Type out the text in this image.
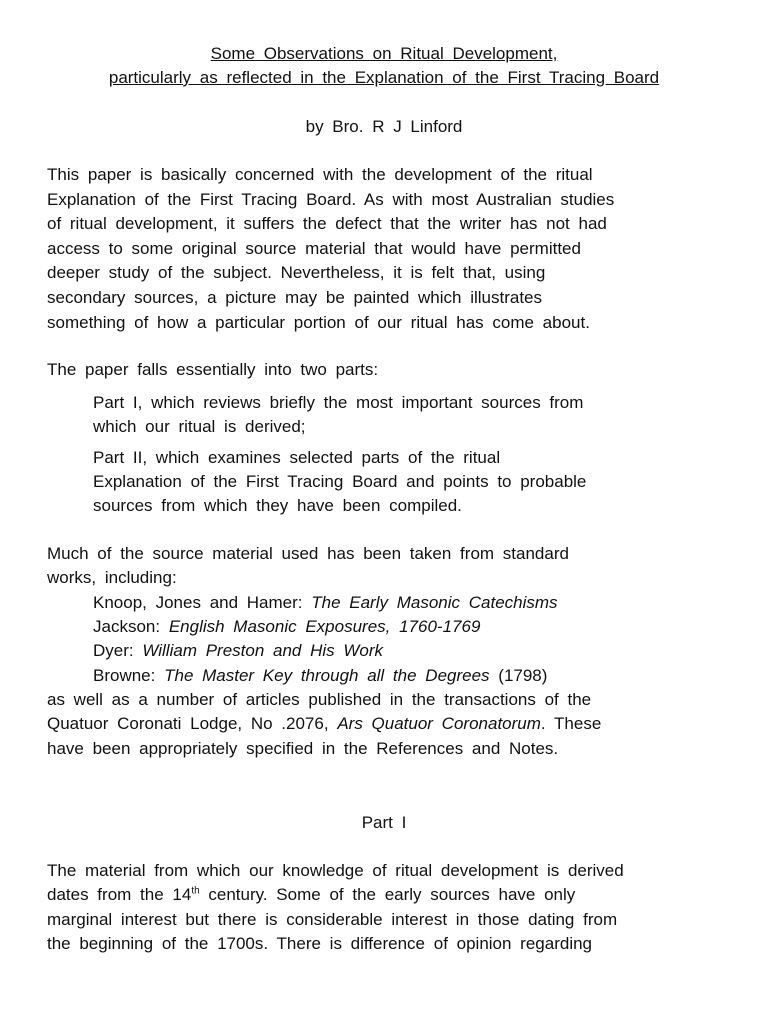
Some Observations on Ritual Development,
particularly as reflected in the Explanation of the First Tracing Board
by Bro. R J Linford
This paper is basically concerned with the development of the ritual
Explanation of the First Tracing Board. As with most Australian studies
of ritual development, it suffers the defect that the writer has not had
access to some original source material that would have permitted
deeper study of the subject. Nevertheless, it is felt that, using
secondary sources, a picture may be painted which illustrates
something of how a particular portion of our ritual has come about.
The paper falls essentially into two parts:
Part I, which reviews briefly the most important sources from
which our ritual is derived;
Part II, which examines selected parts of the ritual
Explanation of the First Tracing Board and points to probable
sources from which they have been compiled.
Much of the source material used has been taken from standard
works, including:
Knoop, Jones and Hamer: The Early Masonic Catechisms
Jackson: English Masonic Exposures, 1760-1769
Dyer: William Preston and His Work
Browne: The Master Key through all the Degrees (1798)
as well as a number of articles published in the transactions of the
Quatuor Coronati Lodge, No .2076, Ars Quatuor Coronatorum. These
have been appropriately specified in the References and Notes.
Part I
The material from which our knowledge of ritual development is derived
dates from the 14th century. Some of the early sources have only
marginal interest but there is considerable interest in those dating from
the beginning of the 1700s. There is difference of opinion regarding
